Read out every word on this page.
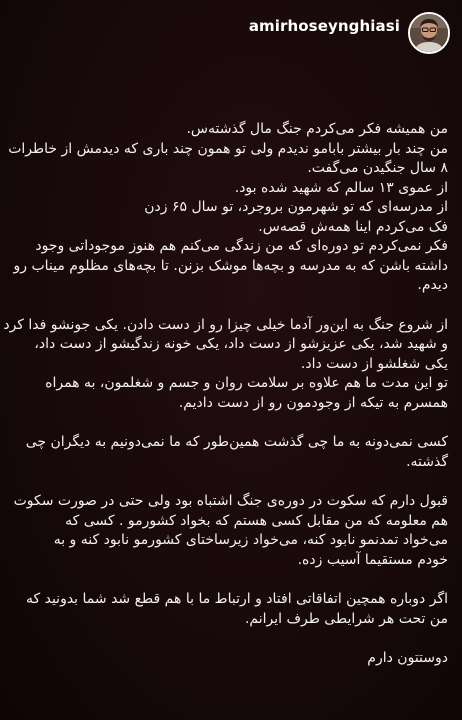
amirhoseynghiasi

من همیشه فکر می‌کردم جنگ مال گذشته‌س.
من چند بار بیشتر بابامو ندیدم ولی تو همون چند باری که دیدمش از خاطرات
۸ سال جنگیدن می‌گفت.
از عموی ۱۳ سالم که شهید شده بود.
از مدرسه‌ای که تو شهرمون بروجرد، تو سال ۶۵ زدن
فک می‌کردم اینا همه‌ش قصه‌س.
فکر نمی‌کردم تو دوره‌ای که من زندگی می‌کنم هم هنوز موجوداتی وجود
داشته باشن که به مدرسه و بچه‌ها موشک بزنن. تا بچه‌های مظلوم میناب رو
دیدم.

از شروع جنگ به این‌ور آدما خیلی چیزا رو از دست دادن. یکی جونشو فدا کرد
و شهید شد، یکی عزیزشو از دست داد، یکی خونه زندگیشو از دست داد،
یکی شغلشو از دست داد.
تو این مدت ما هم علاوه بر سلامت روان و جسم و شغلمون، به همراه
همسرم به تیکه از وجودمون رو از دست دادیم.

کسی نمی‌دونه به ما چی گذشت همین‌طور که ما نمی‌دونیم به دیگران چی
گذشته.

قبول دارم که سکوت در دوره‌ی جنگ اشتباه بود ولی حتی در صورت سکوت
هم معلومه که من مقابل کسی هستم که بخواد کشورمو . کسی که
می‌خواد تمدنمو نابود کنه، می‌خواد زیرساختای کشورمو نابود کنه و به
خودم مستقیما آسیب زده.

اگر دوباره همچین اتفاقاتی افتاد و ارتباط ما با هم قطع شد شما بدونید که
من تحت هر شرایطی طرف ایرانم.

دوستتون دارم
